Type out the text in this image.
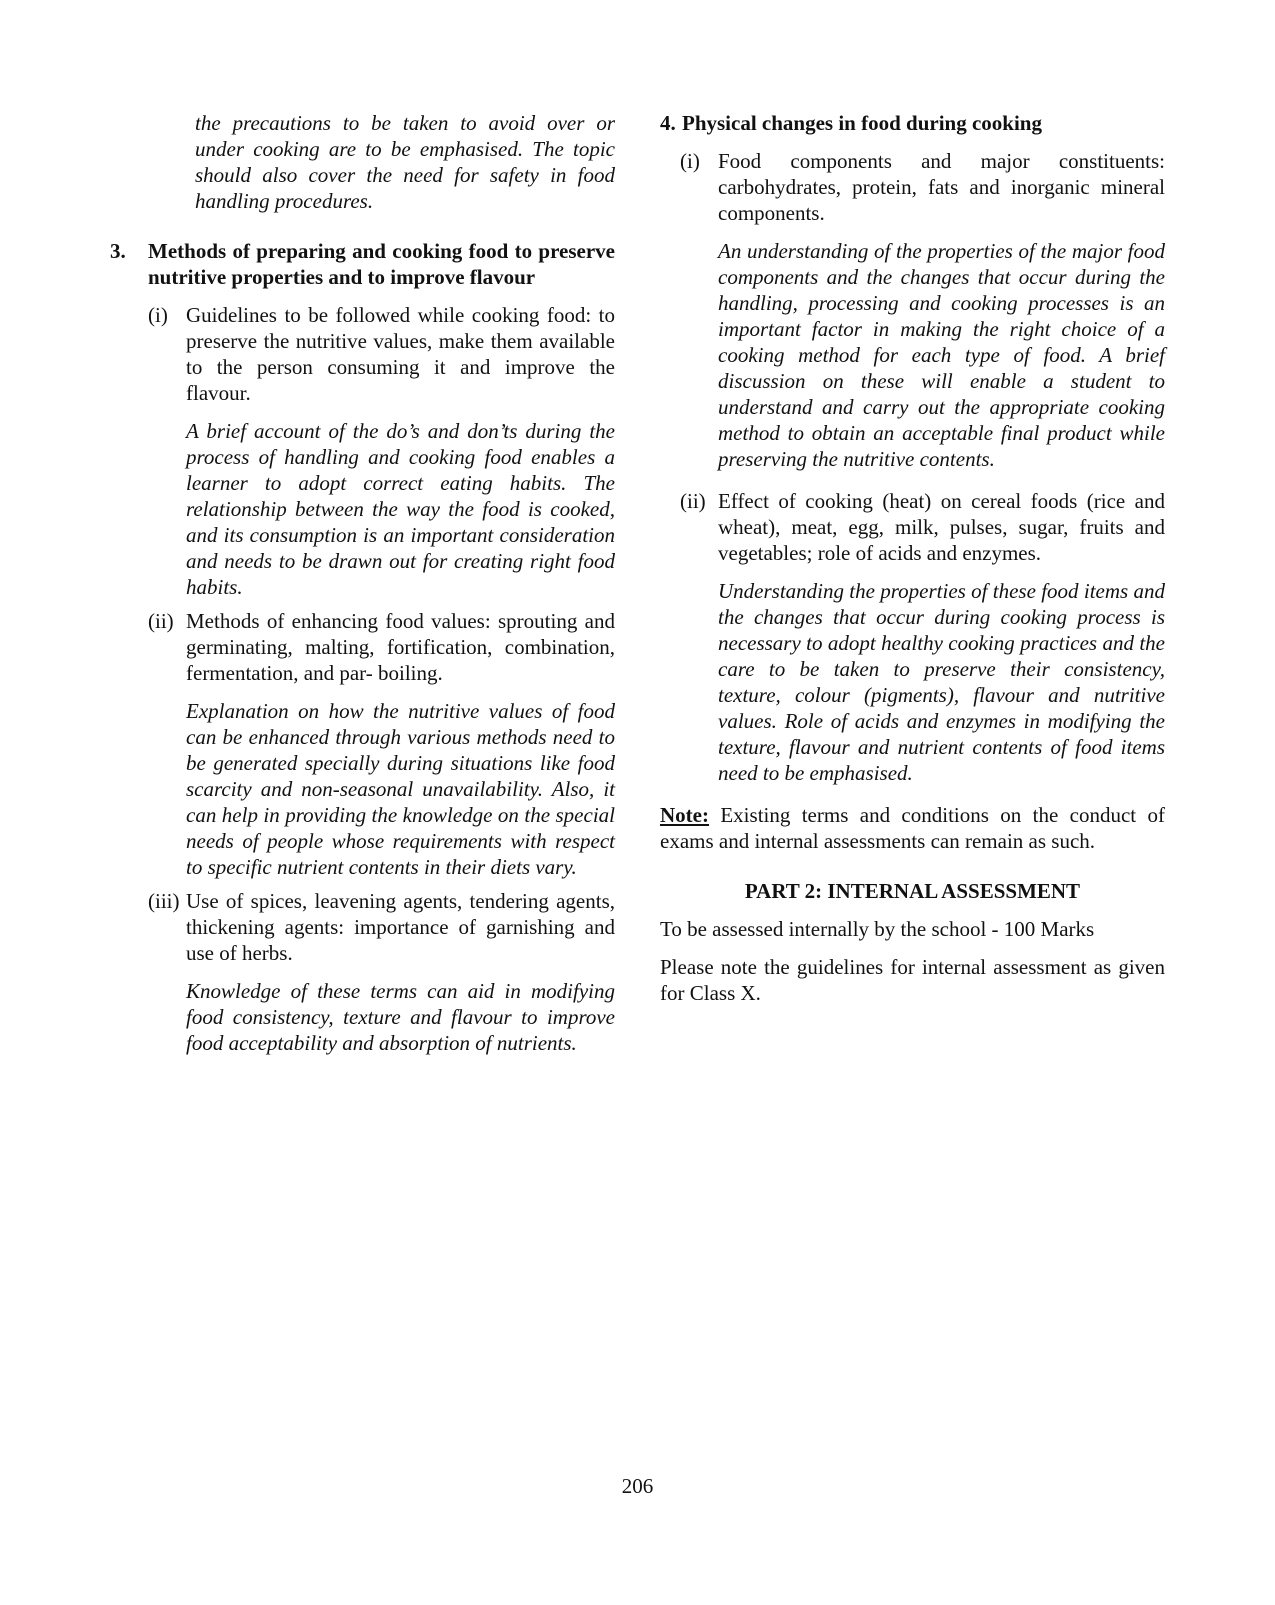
the precautions to be taken to avoid over or under cooking are to be emphasised. The topic should also cover the need for safety in food handling procedures.

3.	Methods of preparing and cooking food to preserve nutritive properties and to improve flavour
(i) Guidelines to be followed while cooking food: to preserve the nutritive values, make them available to the person consuming it and improve the flavour.

A brief account of the do’s and don’ts during the process of handling and cooking food enables a learner to adopt correct eating habits. The relationship between the way the food is cooked, and its consumption is an important consideration and needs to be drawn out for creating right food habits.

(ii) Methods of enhancing food values: sprouting and germinating, malting, fortification, combination, fermentation, and par- boiling.

Explanation on how the nutritive values of food can be enhanced through various methods need to be generated specially during situations like food scarcity and non-seasonal unavailability. Also, it can help in providing the knowledge on the special needs of people whose requirements with respect to specific nutrient contents in their diets vary.

(iii) Use of spices, leavening agents, tendering agents, thickening agents: importance of garnishing and use of herbs.

Knowledge of these terms can aid in modifying food consistency, texture and flavour to improve food acceptability and absorption of nutrients.

4. Physical changes in food during cooking
(i) Food components and major constituents: carbohydrates, protein, fats and inorganic mineral components.

An understanding of the properties of the major food components and the changes that occur during the handling, processing and cooking processes is an important factor in making the right choice of a cooking method for each type of food. A brief discussion on these will enable a student to understand and carry out the appropriate cooking method to obtain an acceptable final product while preserving the nutritive contents.

(ii) Effect of cooking (heat) on cereal foods (rice and wheat), meat, egg, milk, pulses, sugar, fruits and vegetables; role of acids and enzymes.

Understanding the properties of these food items and the changes that occur during cooking process is necessary to adopt healthy cooking practices and the care to be taken to preserve their consistency, texture, colour (pigments), flavour and nutritive values. Role of acids and enzymes in modifying the texture, flavour and nutrient contents of food items need to be emphasised.

Note: Existing terms and conditions on the conduct of exams and internal assessments can remain as such.

PART 2: INTERNAL ASSESSMENT

To be assessed internally by the school - 100 Marks

Please note the guidelines for internal assessment as given for Class X.

206
